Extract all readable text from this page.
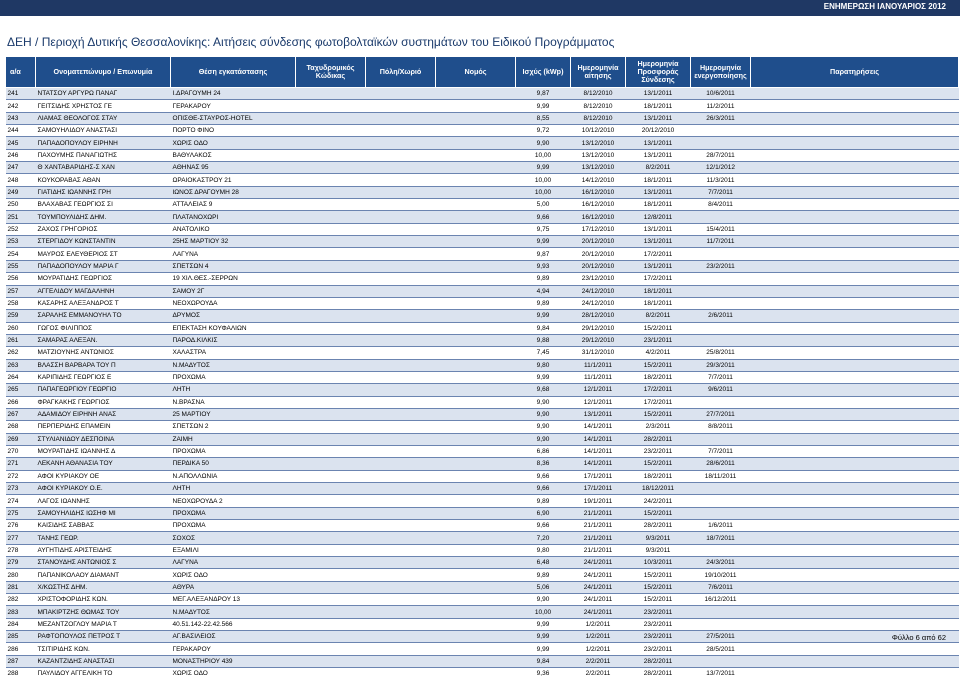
ΕΝΗΜΕΡΩΣΗ ΙΑΝΟΥΑΡΙΟΣ 2012
ΔΕΗ / Περιοχή Δυτικής Θεσσαλονίκης: Αιτήσεις σύνδεσης φωτοβολταϊκών συστημάτων του Ειδικού Προγράμματος
α/α	Ονοματεπώνυμο / Επωνυμία	Θέση εγκατάστασης	Ταχυδρομικός Κώδικας	Πόλη/Χωριό	Νομός	Ισχύς (kWp)	Ημερομηνία αίτησης	Ημερομηνία Προσφοράς Σύνδεσης	Ημερομηνία ενεργοποίησης	Παρατηρήσεις
241	ΝΤΑΤΣΟΥ ΑΡΓΥΡΩ ΠΑΝΑΓ	Ι.ΔΡΑΓΟΥΜΗ 24				9,87	8/12/2010	13/1/2011	10/6/2011	
242	ΓΕΙΤΣΙΔΗΣ ΧΡΗΣΤΟΣ ΓΕ	ΓΕΡΑΚΑΡΟΥ				9,99	8/12/2010	18/1/2011	11/2/2011	
243	ΛΙΑΜΑΣ ΘΕΟΛΟΓΟΣ ΣΤΑΥ	ΟΠΙΣΘΕ-ΣΤΑΥΡΟΣ-HOTEL				8,55	8/12/2010	13/1/2011	26/3/2011	
244	ΣΑΜΟΥΗΛΙΔΟΥ ΑΝΑΣΤΑΣΙ	ΠΟΡΤΟ ΦΙΝΟ				9,72	10/12/2010	20/12/2010		
245	ΠΑΠΑΔΟΠΟΥΛΟΥ ΕΙΡΗΝΗ	ΧΩΡΙΣ ΟΔΟ				9,90	13/12/2010	13/1/2011		
246	ΠΑΧΟΥΜΗΣ ΠΑΝΑΓΙΩΤΗΣ	ΒΑΘΥΛΑΚΟΣ				10,00	13/12/2010	13/1/2011	28/7/2011	
247	Θ ΧΑΝΤΑΒΑΡΙΔΗΣ-Σ ΧΑΝ	ΑΘΗΝΑΣ 95				9,99	13/12/2010	8/2/2011	12/1/2012	
248	ΚΟΥΚΟΡΑΒΑΣ ΑΘΑΝ	ΩΡΑΙΟΚΑΣΤΡΟΥ 21				10,00	14/12/2010	18/1/2011	11/3/2011	
249	ΓΙΑΤΙΔΗΣ ΙΩΑΝΝΗΣ ΓΡΗ	ΙΩΝΟΣ ΔΡΑΓΟΥΜΗ 28				10,00	16/12/2010	13/1/2011	7/7/2011	
250	ΒΛΑΧΑΒΑΣ ΓΕΩΡΓΙΟΣ ΣΙ	ΑΤΤΑΛΕΙΑΣ 9				5,00	16/12/2010	18/1/2011	8/4/2011	
251	ΤΟΥΜΠΟΥΛΙΔΗΣ ΔΗΜ.	ΠΛΑΤΑΝΟΧΩΡΙ				9,66	16/12/2010	12/8/2011		
252	ΖΑΧΟΣ ΓΡΗΓΟΡΙΟΣ	ΑΝΑΤΟΛΙΚΟ				9,75	17/12/2010	13/1/2011	15/4/2011	
253	ΣΤΕΡΓΙΔΟΥ ΚΩΝΣΤΑΝΤΙΝ	25ΗΣ ΜΑΡΤΙΟΥ 32				9,99	20/12/2010	13/1/2011	11/7/2011	
254	ΜΑΥΡΟΣ ΕΛΕΥΘΕΡΙΟΣ ΣΤ	ΛΑΓΥΝΑ				9,87	20/12/2010	17/2/2011		
255	ΠΑΠΑΔΟΠΟΥΛΟΥ ΜΑΡΙΑ Γ	ΣΠΕΤΣΩΝ 4				9,93	20/12/2010	13/1/2011	23/2/2011	
256	ΜΟΥΡΑΤΙΔΗΣ ΓΕΩΡΓΙΟΣ	19 ΧΙΛ.ΘΕΣ.-ΣΕΡΡΩΝ				9,89	23/12/2010	17/2/2011		
257	ΑΓΓΕΛΙΔΟΥ ΜΑΓΔΑΛΗΝΗ	ΣΑΜΟΥ 2Γ				4,94	24/12/2010	18/1/2011		
258	ΚΑΣΑΡΗΣ ΑΛΕΞΑΝΔΡΟΣ Τ	ΝΕΟΧΩΡΟΥΔΑ				9,89	24/12/2010	18/1/2011		
259	ΣΑΡΑΛΗΣ ΕΜΜΑΝΟΥΗΛ ΤΟ	ΔΡΥΜΟΣ				9,99	28/12/2010	8/2/2011	2/6/2011	
260	ΓΩΓΟΣ ΦΙΛΙΠΠΟΣ	ΕΠΕΚΤΑΣΗ ΚΟΥΦΑΛΙΩΝ				9,84	29/12/2010	15/2/2011		
261	ΣΑΜΑΡΑΣ ΑΛΕΞΑΝ.	ΠΑΡΟΔ.ΚΙΛΚΙΣ				9,88	29/12/2010	23/1/2011		
262	ΜΑΤΖΙΟΥΝΗΣ ΑΝΤΩΝΙΟΣ	ΧΑΛΑΣΤΡΑ				7,45	31/12/2010	4/2/2011	25/8/2011	
263	ΒΛΑΣΣΗ ΒΑΡΒΑΡΑ ΤΟΥ Π	Ν.ΜΑΔΥΤΟΣ				9,80	11/1/2011	15/2/2011	29/3/2011	
264	ΚΑΡΙΠΙΔΗΣ ΓΕΩΡΓΙΟΣ Ε	ΠΡΟΧΩΜΑ				9,99	11/1/2011	18/2/2011	7/7/2011	
265	ΠΑΠΑΓΕΩΡΓΙΟΥ ΓΕΩΡΓΙΟ	ΛΗΤΗ				9,68	12/1/2011	17/2/2011	9/6/2011	
266	ΦΡΑΓΚΑΚΗΣ ΓΕΩΡΓΙΟΣ	Ν.ΒΡΑΣΝΑ				9,90	12/1/2011	17/2/2011		
267	ΑΔΑΜΙΔΟΥ ΕΙΡΗΝΗ ΑΝΑΣ	25 ΜΑΡΤΙΟΥ				9,90	13/1/2011	15/2/2011	27/7/2011	
268	ΠΕΡΠΕΡΙΔΗΣ ΕΠΑΜΕΙΝ	ΣΠΕΤΣΩΝ 2				9,90	14/1/2011	2/3/2011	8/8/2011	
269	ΣΤΥΛΙΑΝΙΔΟΥ ΔΕΣΠΟΙΝΑ	ΖΑΙΜΗ				9,90	14/1/2011	28/2/2011		
270	ΜΟΥΡΑΤΙΔΗΣ ΙΩΑΝΝΗΣ Δ	ΠΡΟΧΩΜΑ				6,86	14/1/2011	23/2/2011	7/7/2011	
271	ΛΕΚΑΝΗ ΑΘΑΝΑΣΙΑ ΤΟΥ	ΠΕΡΔΙΚΑ 50				8,36	14/1/2011	15/2/2011	28/6/2011	
272	ΑΦΟΙ ΚΥΡΙΑΚΟΥ ΟΕ	Ν.ΑΠΟΛΛΩΝΙΑ				9,66	17/1/2011	18/2/2011	18/11/2011	
273	ΑΦΟΙ ΚΥΡΙΑΚΟΥ Ο.Ε.	ΛΗΤΗ				9,66	17/1/2011	18/12/2011		
274	ΛΑΓΟΣ ΙΩΑΝΝΗΣ	ΝΕΟΧΩΡΟΥΔΑ 2				9,89	19/1/2011	24/2/2011		
275	ΣΑΜΟΥΗΛΙΔΗΣ ΙΩΣΗΦ ΜΙ	ΠΡΟΧΩΜΑ				6,90	21/1/2011	15/2/2011		
276	ΚΑΙΣΙΔΗΣ ΣΑΒΒΑΣ	ΠΡΟΧΩΜΑ				9,66	21/1/2011	28/2/2011	1/6/2011	
277	ΤΑΝΗΣ ΓΕΩΡ.	ΣΟΧΟΣ				7,20	21/1/2011	9/3/2011	18/7/2011	
278	ΑΥΓΗΤΙΔΗΣ ΑΡΙΣΤΕΙΔΗΣ	ΕΞΑΜΙΛΙ				9,80	21/1/2011	9/3/2011		
279	ΣΤΑΝΟΥΔΗΣ ΑΝΤΩΝΙΟΣ Σ	ΛΑΓΥΝΑ				6,48	24/1/2011	10/3/2011	24/3/2011	
280	ΠΑΠΑΝΙΚΟΛΑΟΥ ΔΙΑΜΑΝΤ	ΧΩΡΙΣ ΟΔΟ				9,89	24/1/2011	15/2/2011	19/10/2011	
281	Χ/ΚΩΣΤΗΣ ΔΗΜ.	ΑΘΥΡΑ				5,06	24/1/2011	15/2/2011	7/6/2011	
282	ΧΡΙΣΤΟΦΟΡΙΔΗΣ ΚΩΝ.	ΜΕΓ.ΑΛΕΞΑΝΔΡΟΥ 13				9,90	24/1/2011	15/2/2011	16/12/2011	
283	ΜΠΑΚΙΡΤΖΗΣ ΘΩΜΑΣ ΤΟΥ	Ν.ΜΑΔΥΤΟΣ				10,00	24/1/2011	23/2/2011		
284	ΜΕΖΑΝΤΖΟΓΛΟΥ ΜΑΡΙΑ Τ	40.51.142-22.42.566				9,99	1/2/2011	23/2/2011		
285	ΡΑΦΤΟΠΟΥΛΟΣ ΠΕΤΡΟΣ Τ	ΑΓ.ΒΑΣΙΛΕΙΟΣ				9,99	1/2/2011	23/2/2011	27/5/2011	
286	ΤΣΙΤΙΡΙΔΗΣ ΚΩΝ.	ΓΕΡΑΚΑΡΟΥ				9,99	1/2/2011	23/2/2011	28/5/2011	
287	ΚΑΖΑΝΤΖΙΔΗΣ ΑΝΑΣΤΑΣΙ	ΜΟΝΑΣΤΗΡΙΟΥ 439				9,84	2/2/2011	28/2/2011		
288	ΠΑΥΛΙΔΟΥ ΑΓΓΕΛΙΚΗ ΤΟ	ΧΩΡΙΣ ΟΔΟ				9,36	2/2/2011	28/2/2011	13/7/2011	
Φύλλο 6 από 62
